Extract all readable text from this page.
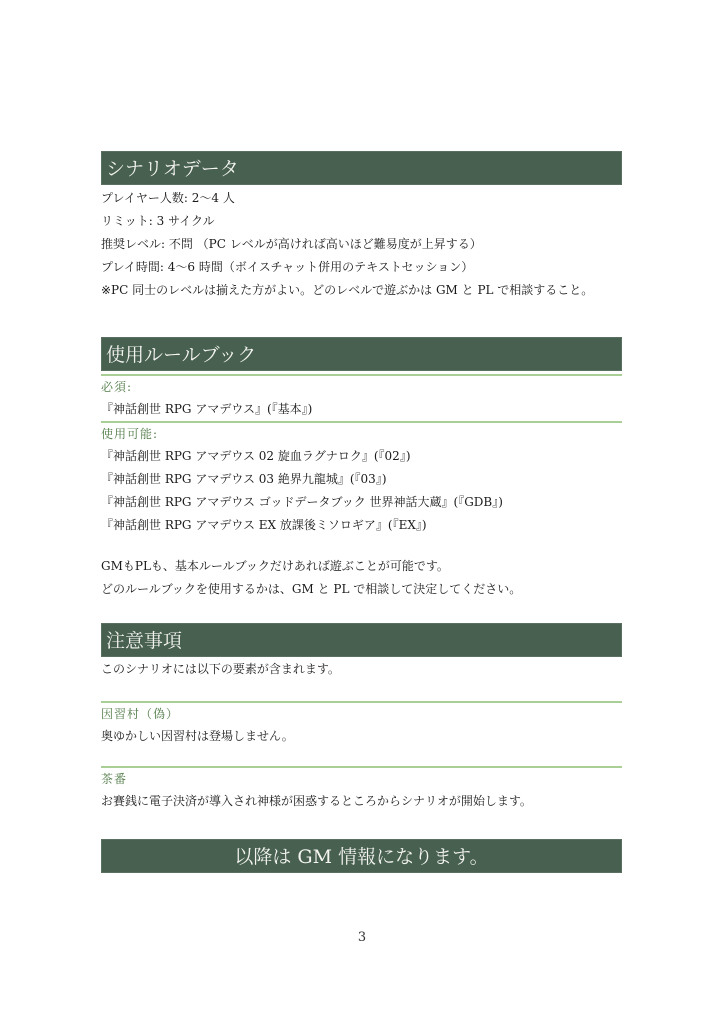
シナリオデータ
プレイヤー人数: 2～4 人
リミット: 3 サイクル
推奨レベル: 不問 （PC レベルが高ければ高いほど難易度が上昇する）
プレイ時間: 4～6 時間（ボイスチャット併用のテキストセッション）
※PC 同士のレベルは揃えた方がよい。どのレベルで遊ぶかは GM と PL で相談すること。
使用ルールブック
必須:
『神話創世 RPG アマデウス』(『基本』)
使用可能:
『神話創世 RPG アマデウス 02 旋血ラグナロク』(『02』)
『神話創世 RPG アマデウス 03 絶界九龍城』(『03』)
『神話創世 RPG アマデウス ゴッドデータブック 世界神話大蔵』(『GDB』)
『神話創世 RPG アマデウス EX 放課後ミソロギア』(『EX』)
GMもPLも、基本ルールブックだけあれば遊ぶことが可能です。
どのルールブックを使用するかは、GM と PL で相談して決定してください。
注意事項
このシナリオには以下の要素が含まれます。
因習村（偽）
奥ゆかしい因習村は登場しません。
茶番
お賽銭に電子決済が導入され神様が困惑するところからシナリオが開始します。
以降は GM 情報になります。
3
